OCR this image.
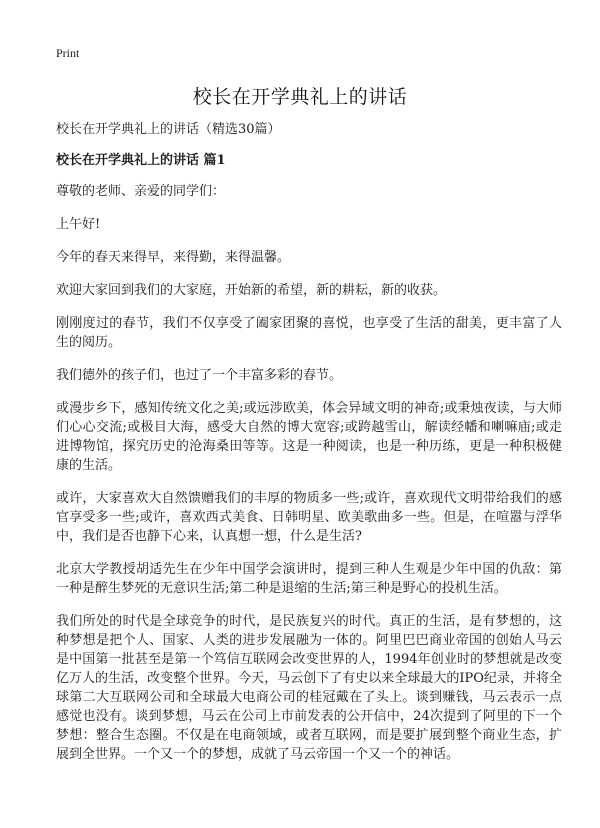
Print
校长在开学典礼上的讲话

校长在开学典礼上的讲话（精选30篇）

校长在开学典礼上的讲话 篇1

尊敬的老师、亲爱的同学们：

上午好!

今年的春天来得早，来得勤，来得温馨。

欢迎大家回到我们的大家庭，开始新的希望，新的耕耘，新的收获。

刚刚度过的春节，我们不仅享受了阖家团聚的喜悦，也享受了生活的甜美，更丰富了人生的阅历。

我们德外的孩子们，也过了一个丰富多彩的春节。

或漫步乡下，感知传统文化之美;或远涉欧美，体会异域文明的神奇;或秉烛夜读，与大师们心心交流;或极目大海，感受大自然的博大宽容;或跨越雪山，解读经幡和喇嘛庙;或走进博物馆，探究历史的沧海桑田等等。这是一种阅读，也是一种历练，更是一种积极健康的生活。

或许，大家喜欢大自然馈赠我们的丰厚的物质多一些;或许，喜欢现代文明带给我们的感官享受多一些;或许，喜欢西式美食、日韩明星、欧美歌曲多一些。但是，在喧嚣与浮华中，我们是否也静下心来，认真想一想，什么是生活?

北京大学教授胡适先生在少年中国学会演讲时，提到三种人生观是少年中国的仇敌：第一种是醉生梦死的无意识生活;第二种是退缩的生活;第三种是野心的投机生活。

我们所处的时代是全球竞争的时代，是民族复兴的时代。真正的生活，是有梦想的，这种梦想是把个人、国家、人类的进步发展融为一体的。阿里巴巴商业帝国的创始人马云是中国第一批甚至是第一个笃信互联网会改变世界的人，1994年创业时的梦想就是改变亿万人的生活，改变整个世界。今天，马云创下了有史以来全球最大的IPO纪录，并将全球第二大互联网公司和全球最大电商公司的桂冠戴在了头上。谈到赚钱，马云表示一点感觉也没有。谈到梦想，马云在公司上市前发表的公开信中，24次提到了阿里的下一个梦想：整合生态圈。不仅是在电商领域，或者互联网，而是要扩展到整个商业生态，扩展到全世界。一个又一个的梦想，成就了马云帝国一个又一个的神话。
